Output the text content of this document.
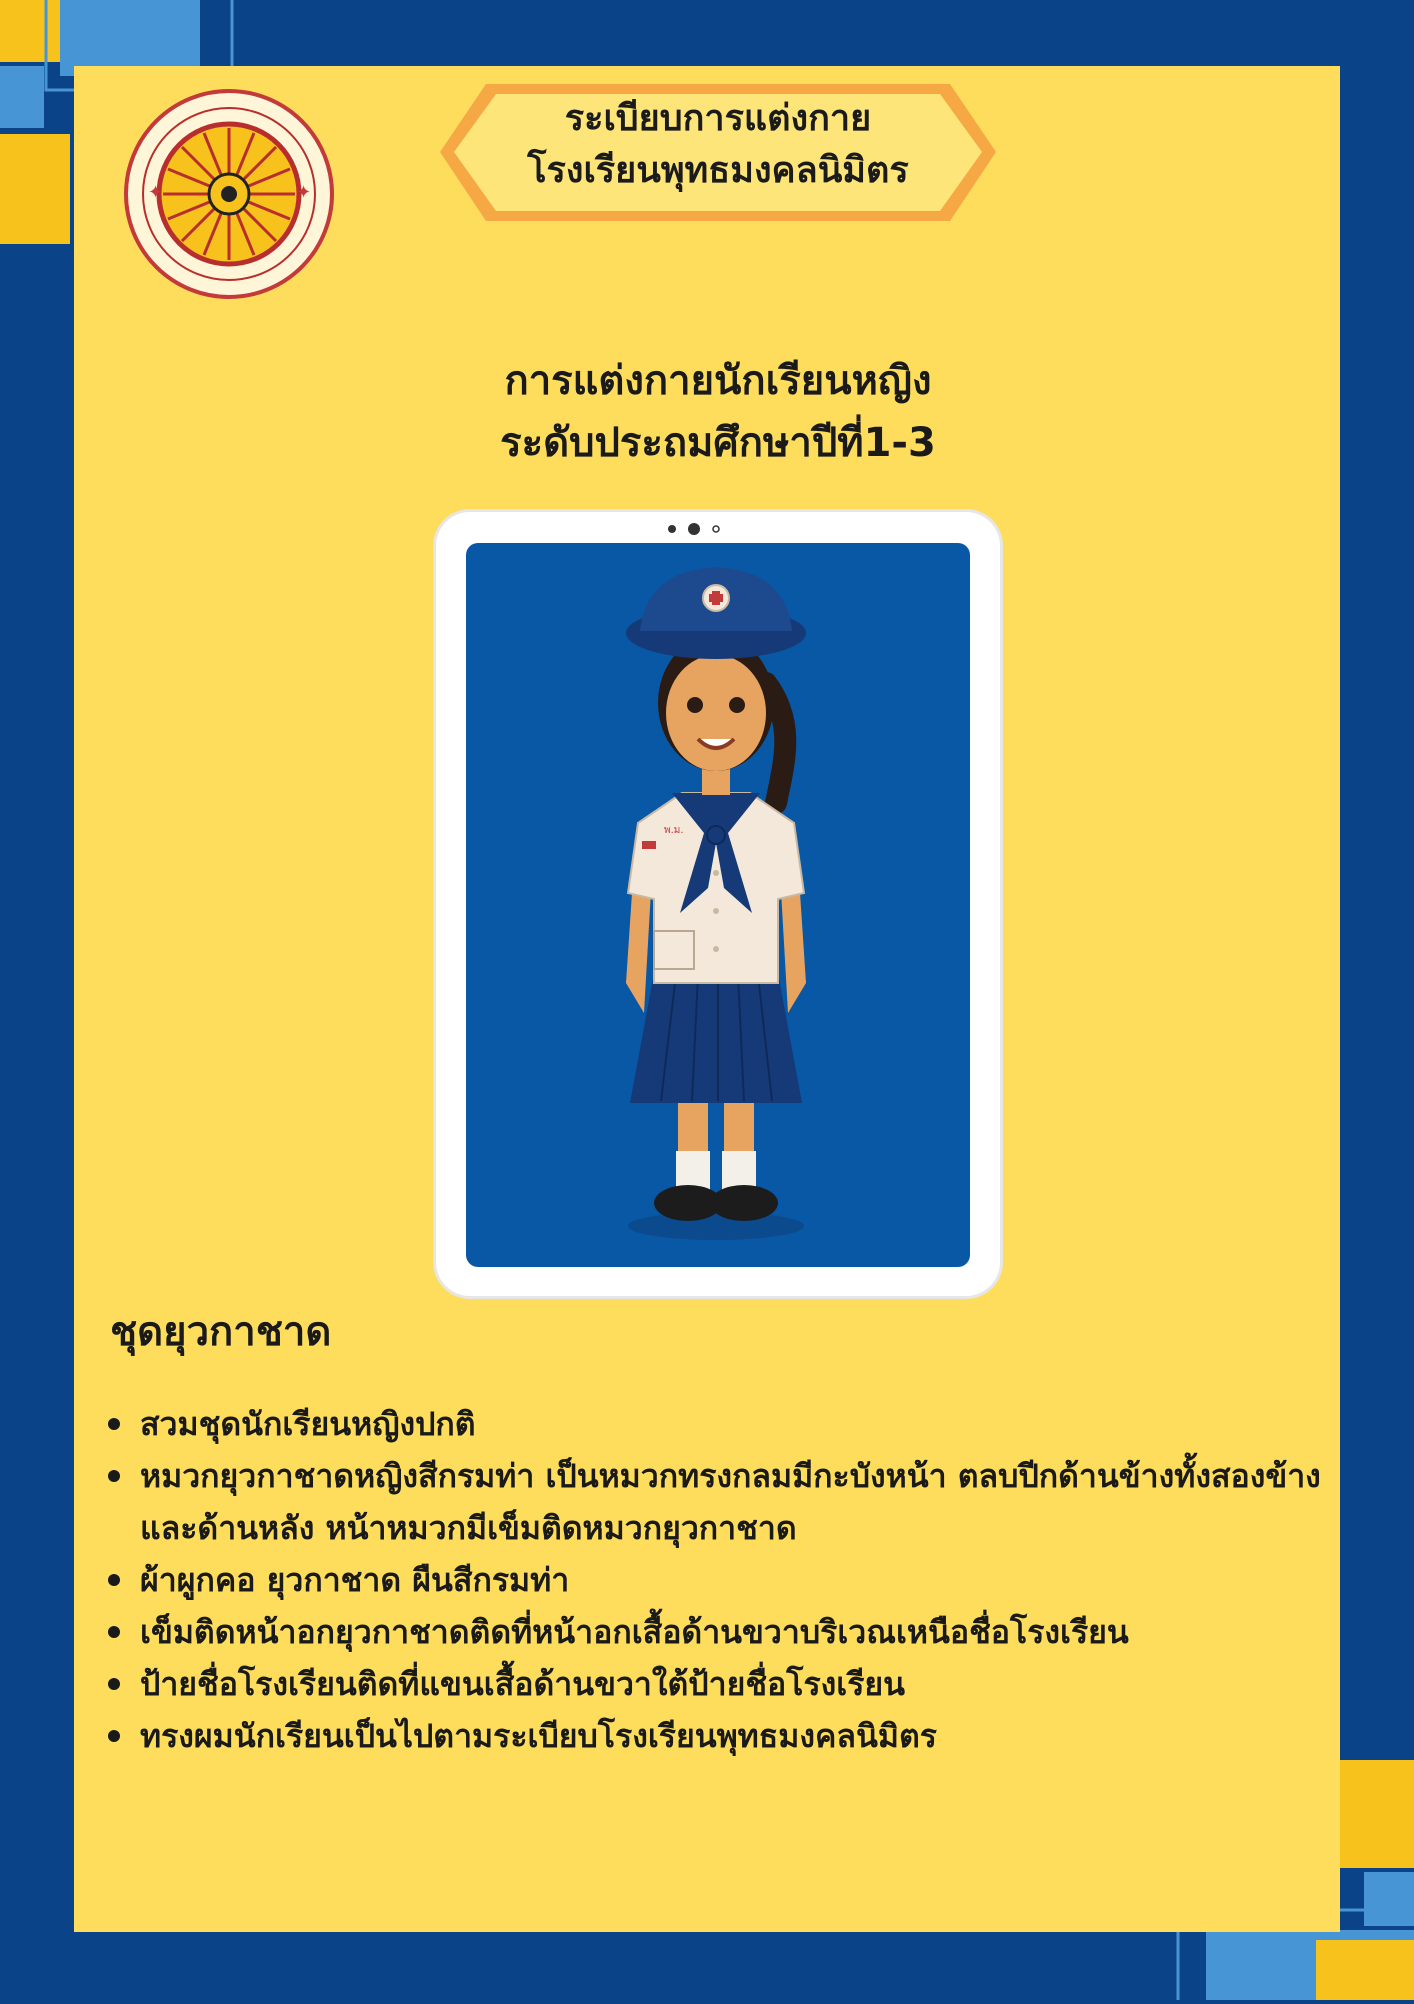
✦	✦
ระเบียบการแต่งกาย
โรงเรียนพุทธมงคลนิมิตร
การแต่งกายนักเรียนหญิง
ระดับประถมศึกษาปีที่1-3
พ.ม.
ชุดยุวกาชาด
สวมชุดนักเรียนหญิงปกติ
หมวกยุวกาชาดหญิงสีกรมท่า เป็นหมวกทรงกลมมีกะบังหน้า ตลบปีกด้านข้างทั้งสองข้างและด้านหลัง หน้าหมวกมีเข็มติดหมวกยุวกาชาด
ผ้าผูกคอ ยุวกาชาด ผืนสีกรมท่า
เข็มติดหน้าอกยุวกาชาดติดที่หน้าอกเสื้อด้านขวาบริเวณเหนือชื่อโรงเรียน
ป้ายชื่อโรงเรียนติดที่แขนเสื้อด้านขวาใต้ป้ายชื่อโรงเรียน
ทรงผมนักเรียนเป็นไปตามระเบียบโรงเรียนพุทธมงคลนิมิตร
